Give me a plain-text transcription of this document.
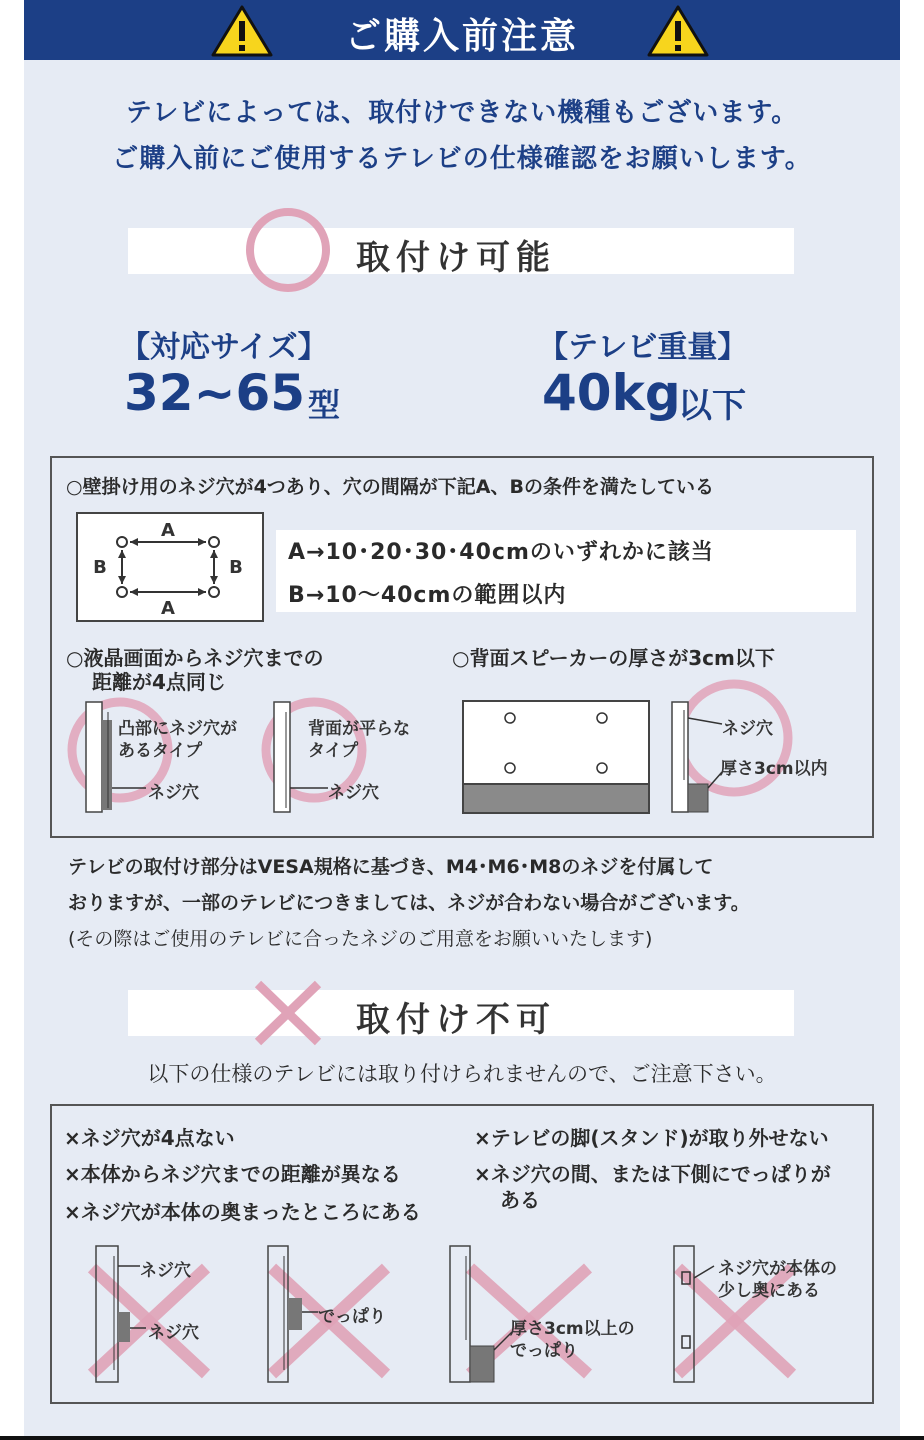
ご購入前注意
テレビによっては、取付けできない機種もございます。
ご購入前にご使用するテレビの仕様確認をお願いします。
取付け可能
【対応サイズ】
32~65 型
【テレビ重量】
40kg
以下
○壁掛け用のネジ穴が4つあり、穴の間隔が下記A、Bの条件を満たしている
A
A
B	B
A→10･20･30･40cmのいずれかに該当
B→10～40cmの範囲以内
○液晶画面からネジ穴までの
距離が4点同じ
○背面スピーカーの厚さが3cm以下
凸部にネジ穴が
あるタイプ
ネジ穴
背面が平らな
タイプ
ネジ穴
ネジ穴
厚さ3cm以内
テレビの取付け部分はVESA規格に基づき、M4･M6･M8のネジを付属して
おりますが、一部のテレビにつきましては、ネジが合わない場合がございます。
(その際はご使用のテレビに合ったネジのご用意をお願いいたします)
取付け不可
以下の仕様のテレビには取り付けられませんので、ご注意下さい。
×ネジ穴が4点ない
×本体からネジ穴までの距離が異なる
×ネジ穴が本体の奥まったところにある
×テレビの脚(スタンド)が取り外せない
×ネジ穴の間、または下側にでっぱりが
ある
ネジ穴
ネジ穴
でっぱり
厚さ3cm以上の
でっぱり
ネジ穴が本体の
少し奥にある
